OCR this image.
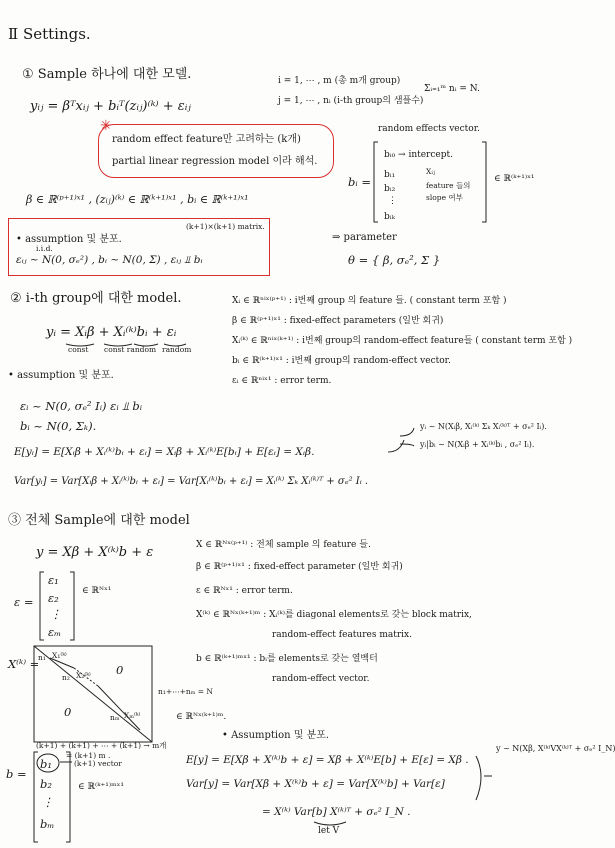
Ⅱ Settings.
① Sample 하나에 대한 모델.
yᵢⱼ = βᵀxᵢⱼ + bᵢᵀ(zᵢⱼ)⁽ᵏ⁾ + εᵢⱼ
i = 1, ⋯ , m (총 m개 group)
j = 1, ⋯ , nᵢ (i-th group의 샘플수)
Σᵢ₌₁ᵐ nᵢ = N.
random effect feature만 고려하는 (k개)
partial linear regression model 이라 해석.
✳	random effects vector.
bᵢ =
bᵢ₀ → intercept.
bᵢ₁
bᵢ₂
⋮
bᵢₖ
Xᵢⱼ
feature 들의
slope 여부
∈ ℝ⁽ᵏ⁺¹⁾ˣ¹
β ∈ ℝ⁽ᵖ⁺¹⁾ˣ¹ , (zᵢⱼ)⁽ᵏ⁾ ∈ ℝ⁽ᵏ⁺¹⁾ˣ¹ , bᵢ ∈ ℝ⁽ᵏ⁺¹⁾ˣ¹
(k+1)×(k+1) matrix.
• assumption 및 분포.
i.i.d.
εᵢⱼ ~ N(0, σₑ²) , bᵢ ~ N(0, Σ) , εᵢⱼ ⫫ bᵢ
⇒ parameter
θ = { β, σₑ², Σ }
② i-th group에 대한 model.
yᵢ = Xᵢβ + Xᵢ⁽ᵏ⁾bᵢ + εᵢ
const const random random
Xᵢ ∈ ℝⁿⁱˣ⁽ᵖ⁺¹⁾ : i번째 group 의 feature 들. ( constant term 포함 )
β ∈ ℝ⁽ᵖ⁺¹⁾ˣ¹ : fixed-effect parameters (일반 회귀)
Xᵢ⁽ᵏ⁾ ∈ ℝⁿⁱˣ⁽ᵏ⁺¹⁾ : i번째 group의 random-effect feature들 ( constant term 포함 )
bᵢ ∈ ℝ⁽ᵏ⁺¹⁾ˣ¹ : i번째 group의 random-effect vector.
εᵢ ∈ ℝⁿⁱˣ¹ : error term.
• assumption 및 분포.
εᵢ ~ N(0, σₑ² Iᵢ) εᵢ ⫫ bᵢ
bᵢ ~ N(0, Σₖ).
E[yᵢ] = E[Xᵢβ + Xᵢ⁽ᵏ⁾bᵢ + εᵢ] = Xᵢβ + Xᵢ⁽ᵏ⁾E[bᵢ] + E[εᵢ] = Xᵢβ.
Var[yᵢ] = Var[Xᵢβ + Xᵢ⁽ᵏ⁾bᵢ + εᵢ] = Var[Xᵢ⁽ᵏ⁾bᵢ + εᵢ] = Xᵢ⁽ᵏ⁾ Σₖ Xᵢ⁽ᵏ⁾ᵀ + σₑ² Iᵢ .
yᵢ ~ N(Xᵢβ, Xᵢ⁽ᵏ⁾ Σₖ Xᵢ⁽ᵏ⁾ᵀ + σₑ² Iᵢ).
yᵢ|bᵢ ~ N(Xᵢβ + Xᵢ⁽ᵏ⁾bᵢ , σₑ² Iᵢ).
③ 전체 Sample에 대한 model
y = Xβ + X⁽ᵏ⁾b + ε
ε =
ε₁
ε₂
⋮
εₘ
∈ ℝᴺˣ¹
X ∈ ℝᴺˣ⁽ᵖ⁺¹⁾ : 전체 sample 의 feature 들.
β ∈ ℝ⁽ᵖ⁺¹⁾ˣ¹ : fixed-effect parameter (일반 회귀)
ε ∈ ℝᴺˣ¹ : error term.
X⁽ᵏ⁾ ∈ ℝᴺˣ⁽ᵏ⁺¹⁾ᵐ : Xᵢ⁽ᵏ⁾를 diagonal elements로 갖는 block matrix,
random-effect features matrix.
b ∈ ℝ⁽ᵏ⁺¹⁾ᵐˣ¹ : bᵢ를 elements로 갖는 열벡터
random-effect vector.
X⁽ᵏ⁾ =
X₁⁽ᵏ⁾
X₂⁽ᵏ⁾
Xₘ⁽ᵏ⁾
n₁
n₂
nₘ
0
0
n₁+⋯+nₘ = N
(k+1) + (k+1) + ⋯ + (k+1) → m개
= (k+1) m .
∈ ℝᴺˣ⁽ᵏ⁺¹⁾ᵐ.
b =
b₁
b₂
⋮
bₘ
(k+1) vector
∈ ℝ⁽ᵏ⁺¹⁾ᵐˣ¹
• Assumption 및 분포.
E[y] = E[Xβ + X⁽ᵏ⁾b + ε] = Xβ + X⁽ᵏ⁾E[b] + E[ε] = Xβ .
Var[y] = Var[Xβ + X⁽ᵏ⁾b + ε] = Var[X⁽ᵏ⁾b] + Var[ε]
= X⁽ᵏ⁾ Var[b] X⁽ᵏ⁾ᵀ + σₑ² I_N .
let V
y ~ N(Xβ, X⁽ᵏ⁾VX⁽ᵏ⁾ᵀ + σₑ² I_N)
